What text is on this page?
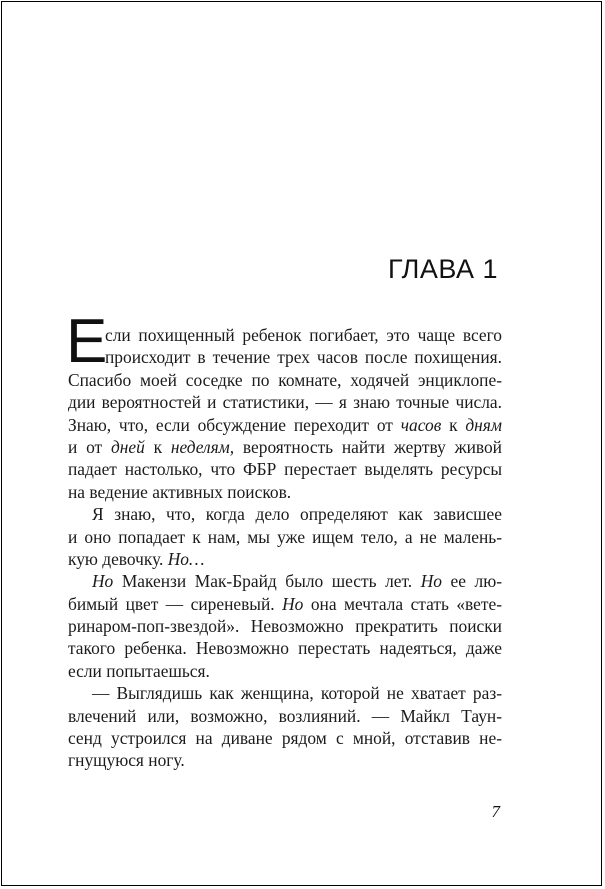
ГЛАВА 1
Е
сли похищенный ребенок погибает, это чаще всего
происходит в течение трех часов после похищения.
Спасибо моей соседке по комнате, ходячей энциклопе-
дии вероятностей и статистики, — я знаю точные числа.
Знаю, что, если обсуждение переходит от часов к дням
и от дней к неделям, вероятность найти жертву живой
падает настолько, что ФБР перестает выделять ресурсы
на ведение активных поисков.
Я знаю, что, когда дело определяют как зависшее
и оно попадает к нам, мы уже ищем тело, а не малень-
кую девочку. Но…
Но Макензи Мак-Брайд было шесть лет. Но ее лю-
бимый цвет — сиреневый. Но она мечтала стать «вете-
ринаром-поп-звездой». Невозможно прекратить поиски
такого ребенка. Невозможно перестать надеяться, даже
если попытаешься.
— Выглядишь как женщина, которой не хватает раз-
влечений или, возможно, возлияний. — Майкл Таун-
сенд устроился на диване рядом с мной, отставив не-
гнущуюся ногу.
7
